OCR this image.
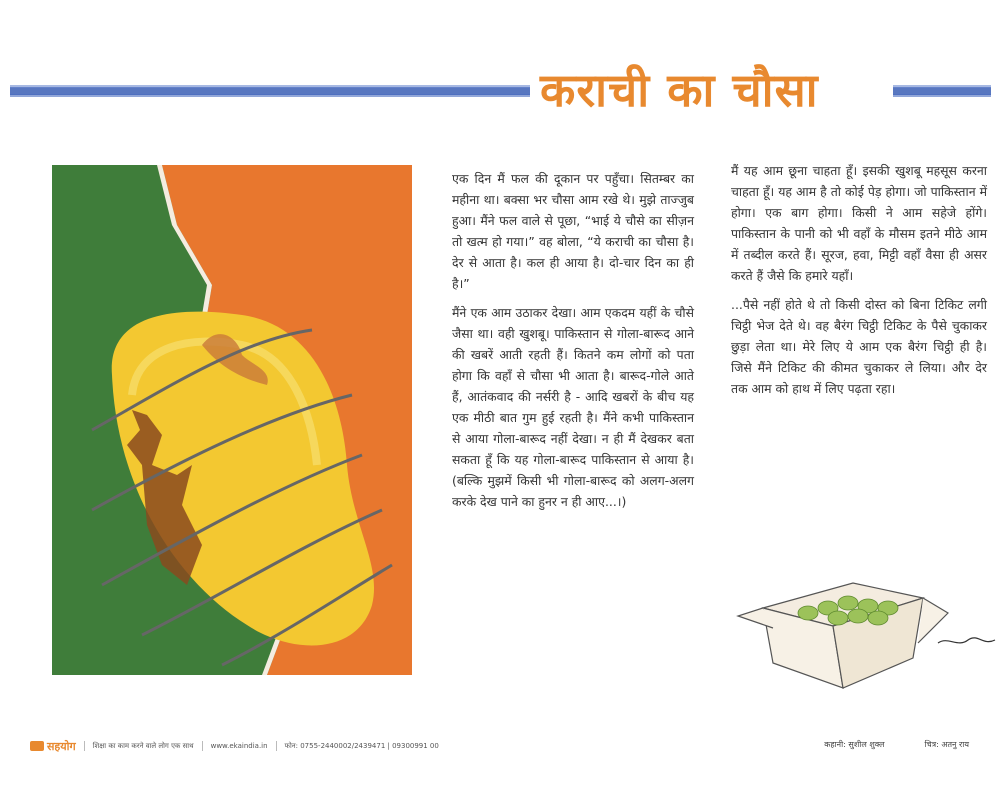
कराची का चौसा

एक दिन मैं फल की दूकान पर पहुँचा। सितम्बर का महीना था। बक्सा भर चौसा आम रखे थे। मुझे ताज्जुब हुआ। मैंने फल वाले से पूछा, “भाई ये चौसे का सीज़न तो खत्म हो गया।” वह बोला, “ये कराची का चौसा है। देर से आता है। कल ही आया है। दो-चार दिन का ही है।”

मैंने एक आम उठाकर देखा। आम एकदम यहीं के चौसे जैसा था। वही खुशबू। पाकिस्तान से गोला-बारूद आने की खबरें आती रहती हैं। कितने कम लोगों को पता होगा कि वहाँ से चौसा भी आता है। बारूद-गोले आते हैं, आतंकवाद की नर्सरी है - आदि खबरों के बीच यह एक मीठी बात गुम हुई रहती है। मैंने कभी पाकिस्तान से आया गोला-बारूद नहीं देखा। न ही मैं देखकर बता सकता हूँ कि यह गोला-बारूद पाकिस्तान से आया है। (बल्कि मुझमें किसी भी गोला-बारूद को अलग-अलग करके देख पाने का हुनर न ही आए...।)

मैं यह आम छूना चाहता हूँ। इसकी खुशबू महसूस करना चाहता हूँ। यह आम है तो कोई पेड़ होगा। जो पाकिस्तान में होगा। एक बाग होगा। किसी ने आम सहेजे होंगे। पाकिस्तान के पानी को भी वहाँ के मौसम इतने मीठे आम में तब्दील करते हैं। सूरज, हवा, मिट्टी वहाँ वैसा ही असर करते हैं जैसे कि हमारे यहाँ।

...पैसे नहीं होते थे तो किसी दोस्त को बिना टिकिट लगी चिट्ठी भेज देते थे। वह बैरंग चिट्ठी टिकिट के पैसे चुकाकर छुड़ा लेता था। मेरे लिए ये आम एक बैरंग चिट्ठी ही है। जिसे मैंने टिकिट की कीमत चुकाकर ले लिया। और देर तक आम को हाथ में लिए पढ़ता रहा।

सहयोग शिक्षा का काम करने वाले लोग एक साथ www.ekaindia.in फोन: 0755-2440002/2439471 | 09300991 00	कहानी: सुशील शुक्ल	चित्र: अतनु राय
